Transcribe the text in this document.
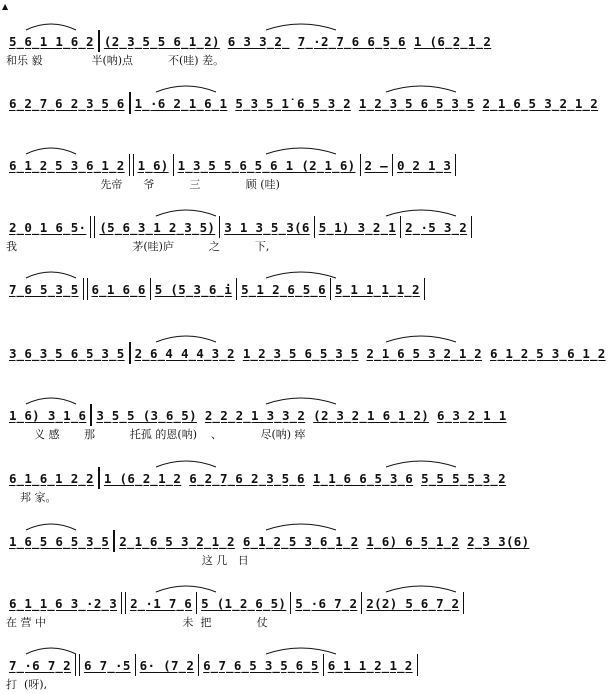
▲
5̲6̲1 1̲6̲2 (2̲3̲5̲5 6̲1̲2) 6 3 3̲2̲ 7̲·2̲7̲6 6̲5̲6 1 (6̲2̲1̲2
和乐 毅              半(呐)点          不(哇) 差。
6̲2̲7̲6 2̲3̲5̲6 1̲·6 2̲1̲6̲1 5̲3̲5̲1̇ 6̲5̲3̲2 1̲2̲3̲5 6̲5̲3̲5 2̲1̲6̲5 3̲2̲1̲2
6̲1̲2̲5 3̲6̲1̲2 1̲6) 1̲3̲5 5̲6̲5̲6 1 (2̲1̲6) 2 – 0̲2 1̲3
先帝      爷          三             顾 (哇)
2̲0̲1 6̲5· (5̲6̲3̲1 2̲3̲5) 3 1 3̲5̲3(6 5̲1) 3̲2̲1 2̲·5 3̲2
我                                 茅(哇)庐          之          下,
7̲6 5̲3̲5 6̲1 6̲6 5 (5̲3̲6̲i 5̲1 2̲6̲5̲6 5̲1 1̲1̲1̲2
3̲6̲3̲5 6̲5̲3̲5 2̲6̲4 4̲4̲3̲2 1̲2̲3̲5 6̲5̲3̲5 2̲1̲6̲5 3̲2̲1̲2 6̲1̲2̲5 3̲6̲1̲2
1̲6) 3̲1̲6 3̲5̲5 (3̲6̲5) 2̲2̲2̲1 3̲3̲2 (2̲3̲2̲1 6̲1̲2) 6̲3̲2̲1 1
义 感       那          托孤 的恩(呐)    、           尽(呐) 瘁
6̲1̲6̲1 2̲2 1 (6̲2̲1̲2 6̲2̲7̲6 2̲3̲5̲6 1̲1̲6 6̲5̲3̲6 5̲5 5̲5̲3̲2
邦 家。
1̲6̲5 6̲5̲3̲5 2̲1̲6̲5 3̲2̲1̲2 6̲1̲2̲5 3̲6̲1̲2 1̲6) 6̲5̲1̲2 2̲3 3(6)
这 几   日
6̲1̲1̲6 3̲·2̲3 2̲·1 7̲6 5 (1̲2̲6̲5) 5̲·6 7̲2 2(2) 5̲6̲7̲2
在 营 中                                       未  把             仗
7̲·6 7̲2 6 7̲·5 6· (7̲2 6̲7̲6̲5 3̲5̲6̲5 6̲1 1̲2̲1̲2
打  (呀),
